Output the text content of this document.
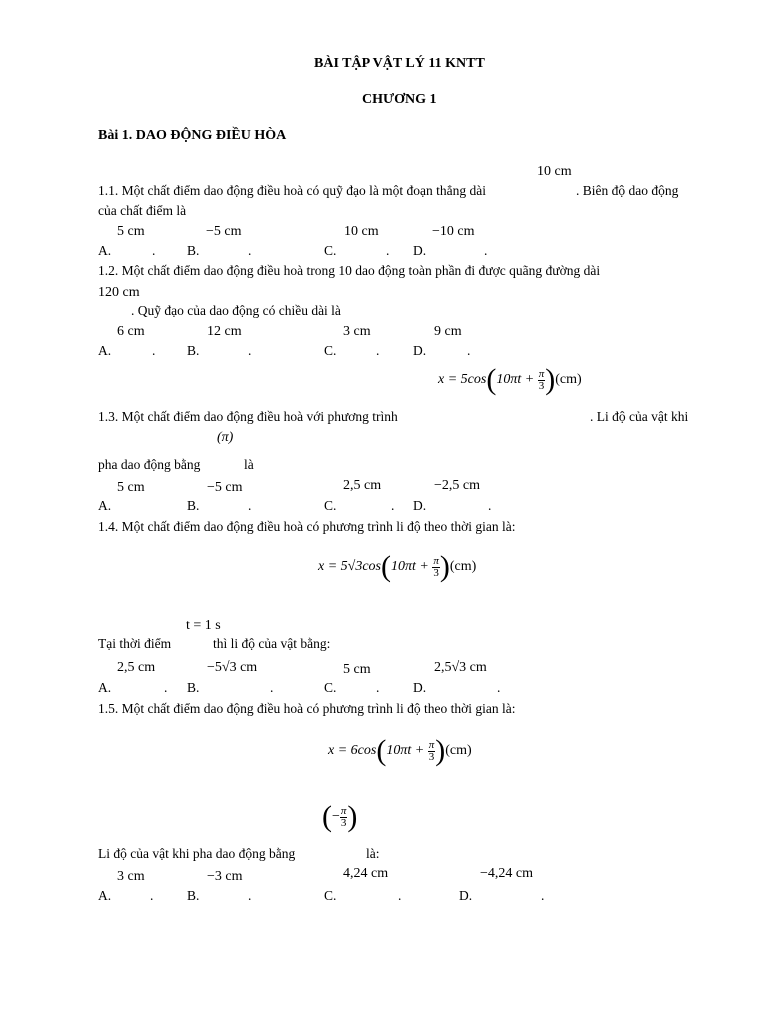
BÀI TẬP VẬT LÝ 11 KNTT
CHƯƠNG 1
Bài 1. DAO ĐỘNG ĐIỀU HÒA
10 cm
1.1. Một chất điểm dao động điều hoà có quỹ đạo là một đoạn thẳng dài	. Biên độ dao động
của chất điểm là
5 cm	−5 cm	10 cm	−10 cm
A.	. B.	.	C.	. D.	.
1.2. Một chất điểm dao động điều hoà trong 10 dao động toàn phần đi được quãng đường dài
120 cm
. Quỹ đạo của dao động có chiều dài là
6 cm	12 cm	3 cm	9 cm
A.	. B.	.	C.	. D.	.
$x = 5\cos(10\pi t + \frac{\pi}{3} )(cm)$
1.3. Một chất điểm dao động điều hoà với phương trình	. Li độ của vật khi
(π)
pha dao động bằng	là
5 cm	−5 cm	2,5 cm	−2,5 cm
A.	B.	.	C.	. D.	.
1.4. Một chất điểm dao động điều hoà có phương trình li độ theo thời gian là:
$x = 5√3\cos(10\pi t + \frac{\pi}{3} )(cm)$
t = 1 s
Tại thời điểm	thì li độ của vật bằng:
2,5 cm	−5√3 cm	5 cm	2,5√3 cm
A.	. B.	.	C.	. D.	.
1.5. Một chất điểm dao động điều hoà có phương trình li độ theo thời gian là:
$x = 6\cos(10\pi t + \frac{\pi}{3} )(cm)$
(− $\frac{\pi}{3}$ )
Li độ của vật khi pha dao động bằng	là:
3 cm	−3 cm	4,24 cm	−4,24 cm
A.	. B.	.	C.	.	D.	.
